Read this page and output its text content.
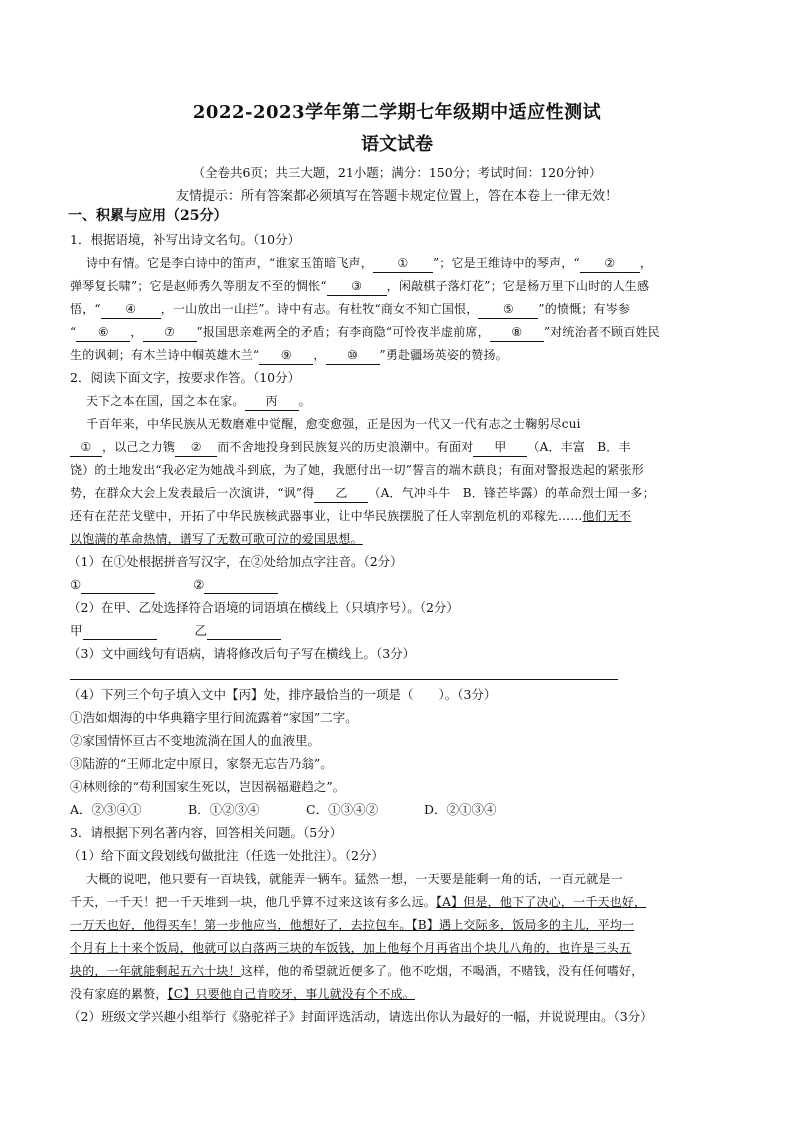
2022-2023学年第二学期七年级期中适应性测试
语文试卷
（全卷共6页；共三大题，21小题；满分：150分；考试时间：120分钟）
友情提示：所有答案都必须填写在答题卡规定位置上，答在本卷上一律无效！
一、积累与应用（25分）
1．根据语境，补写出诗文名句。（10分）
诗中有情。它是李白诗中的笛声，“谁家玉笛暗飞声， ① ”；它是王维诗中的琴声，“ ② ，
弹琴复长啸”；它是赵师秀久等朋友不至的惆怅“ ③ ，闲敲棋子落灯花”；它是杨万里下山时的人生感
悟，“ ④ ，一山放出一山拦”。诗中有志。有杜牧“商女不知亡国恨， ⑤ ”的愤慨；有岑参
“ ⑥ ， ⑦ ”报国思亲难两全的矛盾；有李商隐“可怜夜半虚前席， ⑧ ”对统治者不顾百姓民
生的讽刺；有木兰诗中帼英雄木兰“ ⑨ ， ⑩ ”勇赴疆场英姿的赞扬。
2．阅读下面文字，按要求作答。（10分）
天下之本在国，国之本在家。 丙 。
千百年来，中华民族从无数磨难中觉醒，愈变愈强，正是因为一代又一代有志之士鞠躬尽cui
① ，以己之力镌 ② 而不舍地投身到民族复兴的历史浪潮中。有面对 甲 （A．丰富　B．丰
饶）的土地发出“我必定为她战斗到底，为了她，我愿付出一切”誓言的端木蕻良；有面对警报迭起的紧张形
势，在群众大会上发表最后一次演讲，“讽”得 乙 （A．气冲斗牛　B．锋芒毕露）的革命烈士闻一多；
还有在茫茫戈壁中，开拓了中华民族核武器事业，让中华民族摆脱了任人宰割危机的邓稼先……他们无不
以饱满的革命热情，谱写了无数可歌可泣的爱国思想。
（1）在①处根据拼音写汉字，在②处给加点字注音。（2分）
①	②
（2）在甲、乙处选择符合语境的词语填在横线上（只填序号）。（2分）
甲	乙
（3）文中画线句有语病，请将修改后句子写在横线上。（3分）
（4）下列三个句子填入文中【丙】处，排序最恰当的一项是（　　）。（3分）
①浩如烟海的中华典籍字里行间流露着“家国”二字。
②家国情怀亘古不变地流淌在国人的血液里。
③陆游的“王师北定中原日，家祭无忘告乃翁”。
④林则徐的“苟利国家生死以，岂因祸福避趋之”。
A．②③④①	B．①②③④	C．①③④②	D．②①③④
3．请根据下列名著内容，回答相关问题。（5分）
（1）给下面文段划线句做批注（任选一处批注）。（2分）
大概的说吧，他只要有一百块钱，就能弄一辆车。猛然一想，一天要是能剩一角的话，一百元就是一
千天，一千天！把一千天堆到一块，他几乎算不过来这该有多么远。【A】但是，他下了决心，一千天也好，
一万天也好，他得买车！第一步他应当，他想好了，去拉包车。【B】遇上交际多，饭局多的主儿，平均一
个月有上十来个饭局，他就可以白落两三块的车饭钱，加上他每个月再省出个块儿八角的，也许是三头五
块的，一年就能剩起五六十块！这样，他的希望就近便多了。他不吃烟，不喝酒，不赌钱，没有任何嗜好，
没有家庭的累赘，【C】只要他自己肯咬牙，事儿就没有个不成。
（2）班级文学兴趣小组举行《骆驼祥子》封面评选活动，请选出你认为最好的一幅，并说说理由。（3分）
